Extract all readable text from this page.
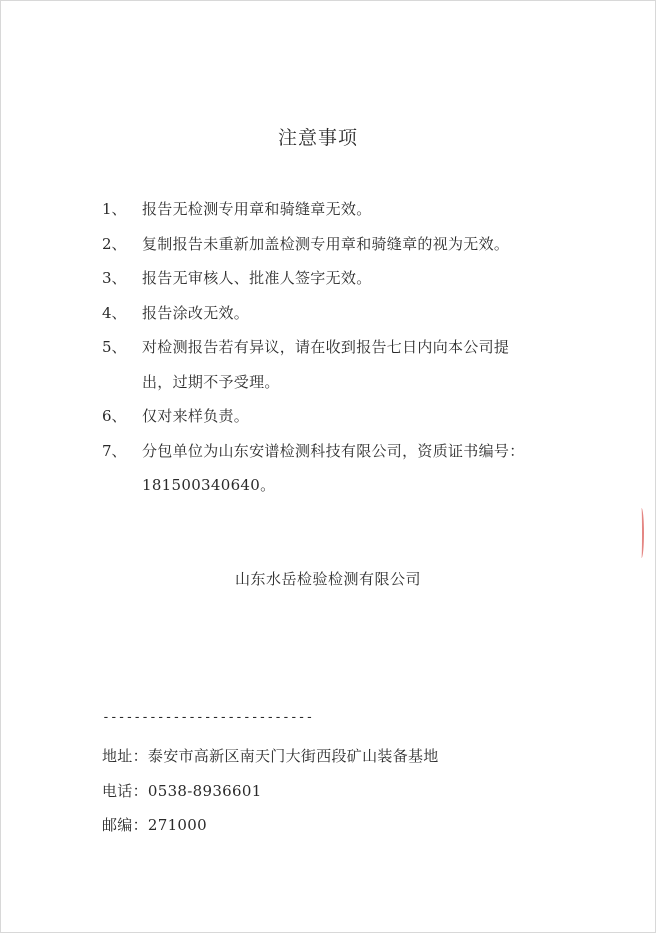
注意事项
1、	报告无检测专用章和骑缝章无效。
2、	复制报告未重新加盖检测专用章和骑缝章的视为无效。
3、	报告无审核人、批准人签字无效。
4、	报告涂改无效。
5、	对检测报告若有异议，请在收到报告七日内向本公司提
出，过期不予受理。
6、	仅对来样负责。
7、	分包单位为山东安谱检测科技有限公司，资质证书编号：
181500340640。
山东水岳检验检测有限公司
---------------------------
地址：泰安市高新区南天门大街西段矿山装备基地
电话：0538-8936601
邮编：271000
